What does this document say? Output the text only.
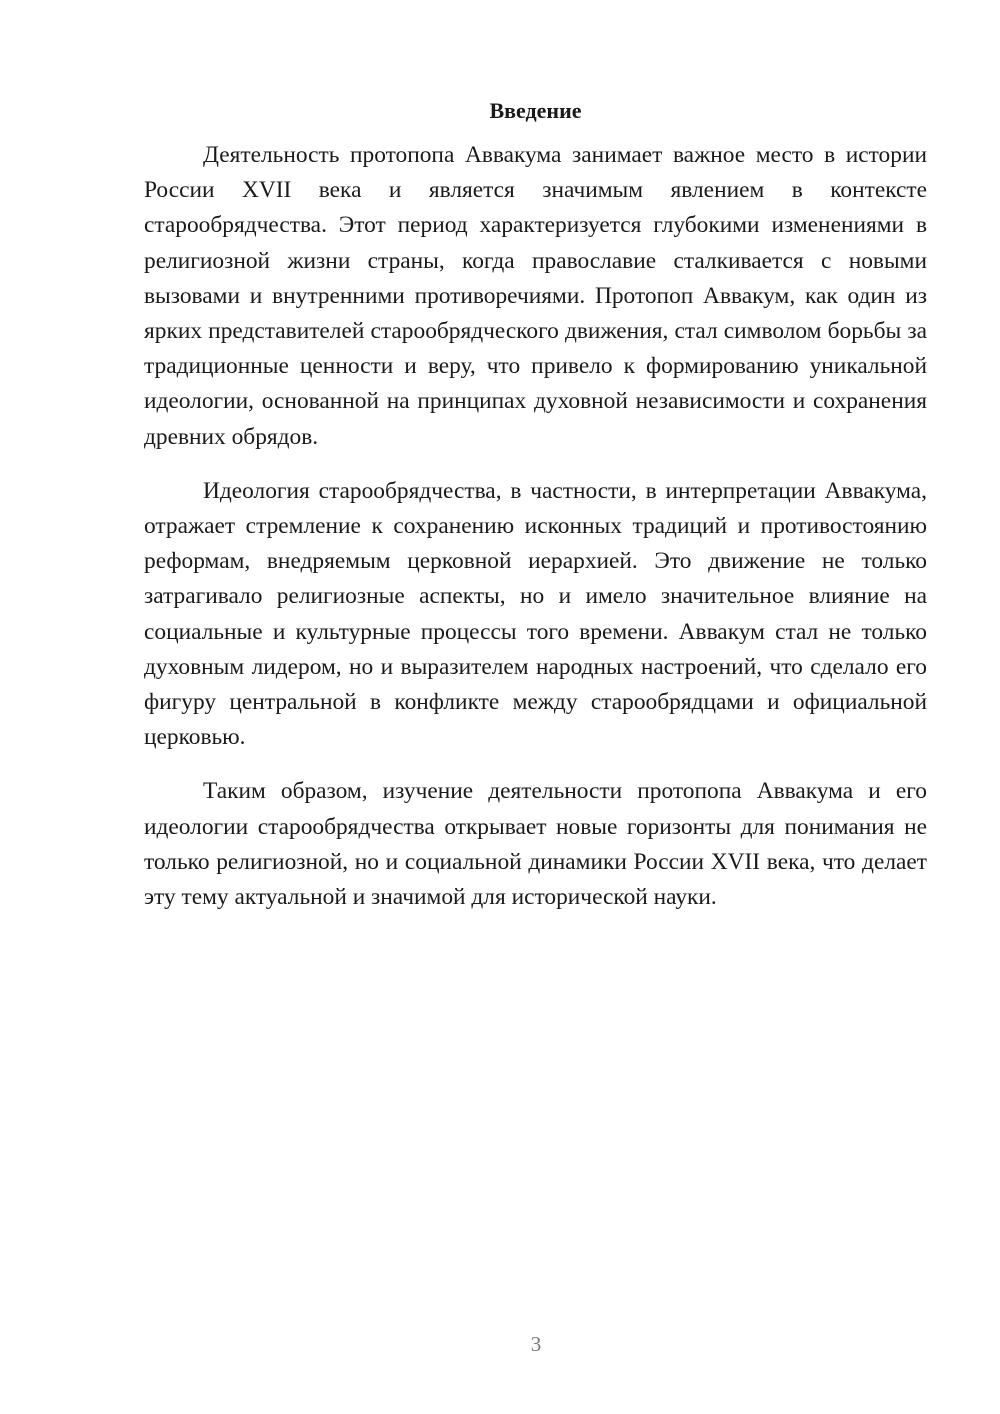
Введение

Деятельность протопопа Аввакума занимает важное место в истории России XVII века и является значимым явлением в контексте старообрядчества. Этот период характеризуется глубокими изменениями в религиозной жизни страны, когда православие сталкивается с новыми вызовами и внутренними противоречиями. Протопоп Аввакум, как один из ярких представителей старообрядческого движения, стал символом борьбы за традиционные ценности и веру, что привело к формированию уникальной идеологии, основанной на принципах духовной независимости и сохранения древних обрядов.

Идеология старообрядчества, в частности, в интерпретации Аввакума, отражает стремление к сохранению исконных традиций и противостоянию реформам, внедряемым церковной иерархией. Это движение не только затрагивало религиозные аспекты, но и имело значительное влияние на социальные и культурные процессы того времени. Аввакум стал не только духовным лидером, но и выразителем народных настроений, что сделало его фигуру центральной в конфликте между старообрядцами и официальной церковью.

Таким образом, изучение деятельности протопопа Аввакума и его идеологии старообрядчества открывает новые горизонты для понимания не только религиозной, но и социальной динамики России XVII века, что делает эту тему актуальной и значимой для исторической науки.

3
